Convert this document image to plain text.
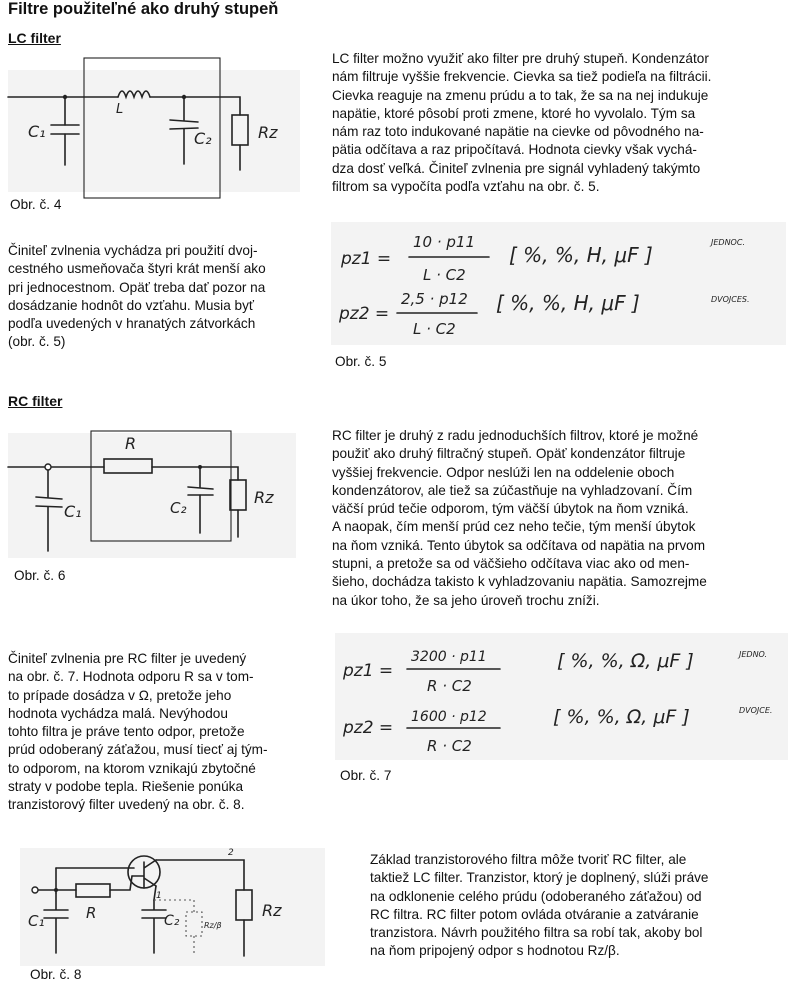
Filtre použiteľné ako druhý stupeň
LC filter
L
C₁	C₂	Rz
Obr. č. 4
LC filter možno využiť ako filter pre druhý stupeň. Kondenzátor
nám filtruje vyššie frekvencie. Cievka sa tiež podieľa na filtrácii.
Cievka reaguje na zmenu prúdu a to tak, že sa na nej indukuje
napätie, ktoré pôsobí proti zmene, ktoré ho vyvolalo. Tým sa
nám raz toto indukované napätie na cievke od pôvodného na-
pätia odčítava a raz pripočítavá. Hodnota cievky však vychá-
dza dosť veľká. Činiteľ zvlnenia pre signál vyhladený takýmto
filtrom sa vypočíta podľa vzťahu na obr. č. 5.
Činiteľ zvlnenia vychádza pri použití dvoj-
cestného usmeňovača štyri krát menší ako
pri jednocestnom. Opäť treba dať pozor na
dosádzanie hodnôt do vzťahu. Musia byť
podľa uvedených v hranatých zátvorkách
(obr. č. 5)
pz1 =
10 · p11
L · C2
[ %, %, H, μF ]
JEDNOC.
pz2 =
2,5 · p12
L · C2
[ %, %, H, μF ]	DVOJCES.
Obr. č. 5
RC filter
R
C₁	C₂
Rz
Obr. č. 6
RC filter je druhý z radu jednoduchších filtrov, ktoré je možné
použiť ako druhý filtračný stupeň. Opäť kondenzátor filtruje
vyššiej frekvencie. Odpor neslúži len na oddelenie oboch
kondenzátorov, ale tiež sa zúčastňuje na vyhladzovaní. Čím
väčší prúd tečie odporom, tým väčší úbytok na ňom vzniká.
A naopak, čím menší prúd cez neho tečie, tým menší úbytok
na ňom vzniká. Tento úbytok sa odčítava od napätia na prvom
stupni, a pretože sa od väčšieho odčítava viac ako od men-
šieho, dochádza takisto k vyhladzovaniu napätia. Samozrejme
na úkor toho, že sa jeho úroveň trochu zníži.
Činiteľ zvlnenia pre RC filter je uvedený
na obr. č. 7. Hodnota odporu R sa v tom-
to prípade dosádza v Ω, pretože jeho
hodnota vychádza malá. Nevýhodou
tohto filtra je práve tento odpor, pretože
prúd odoberaný záťažou, musí tiecť aj tým-
to odporom, na ktorom vznikajú zbytočné
straty v podobe tepla. Riešenie ponúka
tranzistorový filter uvedený na obr. č. 8.
pz1 =
3200 · p11
R · C2
[ %, %, Ω, μF ]	JEDNO.
pz2 =
1600 · p12
R · C2
[ %, %, Ω, μF ]	DVOJCE.
Obr. č. 7
2
1
R
C₁	C₂	Rz/β
Rz
Obr. č. 8
Základ tranzistorového filtra môže tvoriť RC filter, ale
taktiež LC filter. Tranzistor, ktorý je doplnený, slúži práve
na odklonenie celého prúdu (odoberaného záťažou) od
RC filtra. RC filter potom ovláda otváranie a zatváranie
tranzistora. Návrh použitého filtra sa robí tak, akoby bol
na ňom pripojený odpor s hodnotou Rz/β.
